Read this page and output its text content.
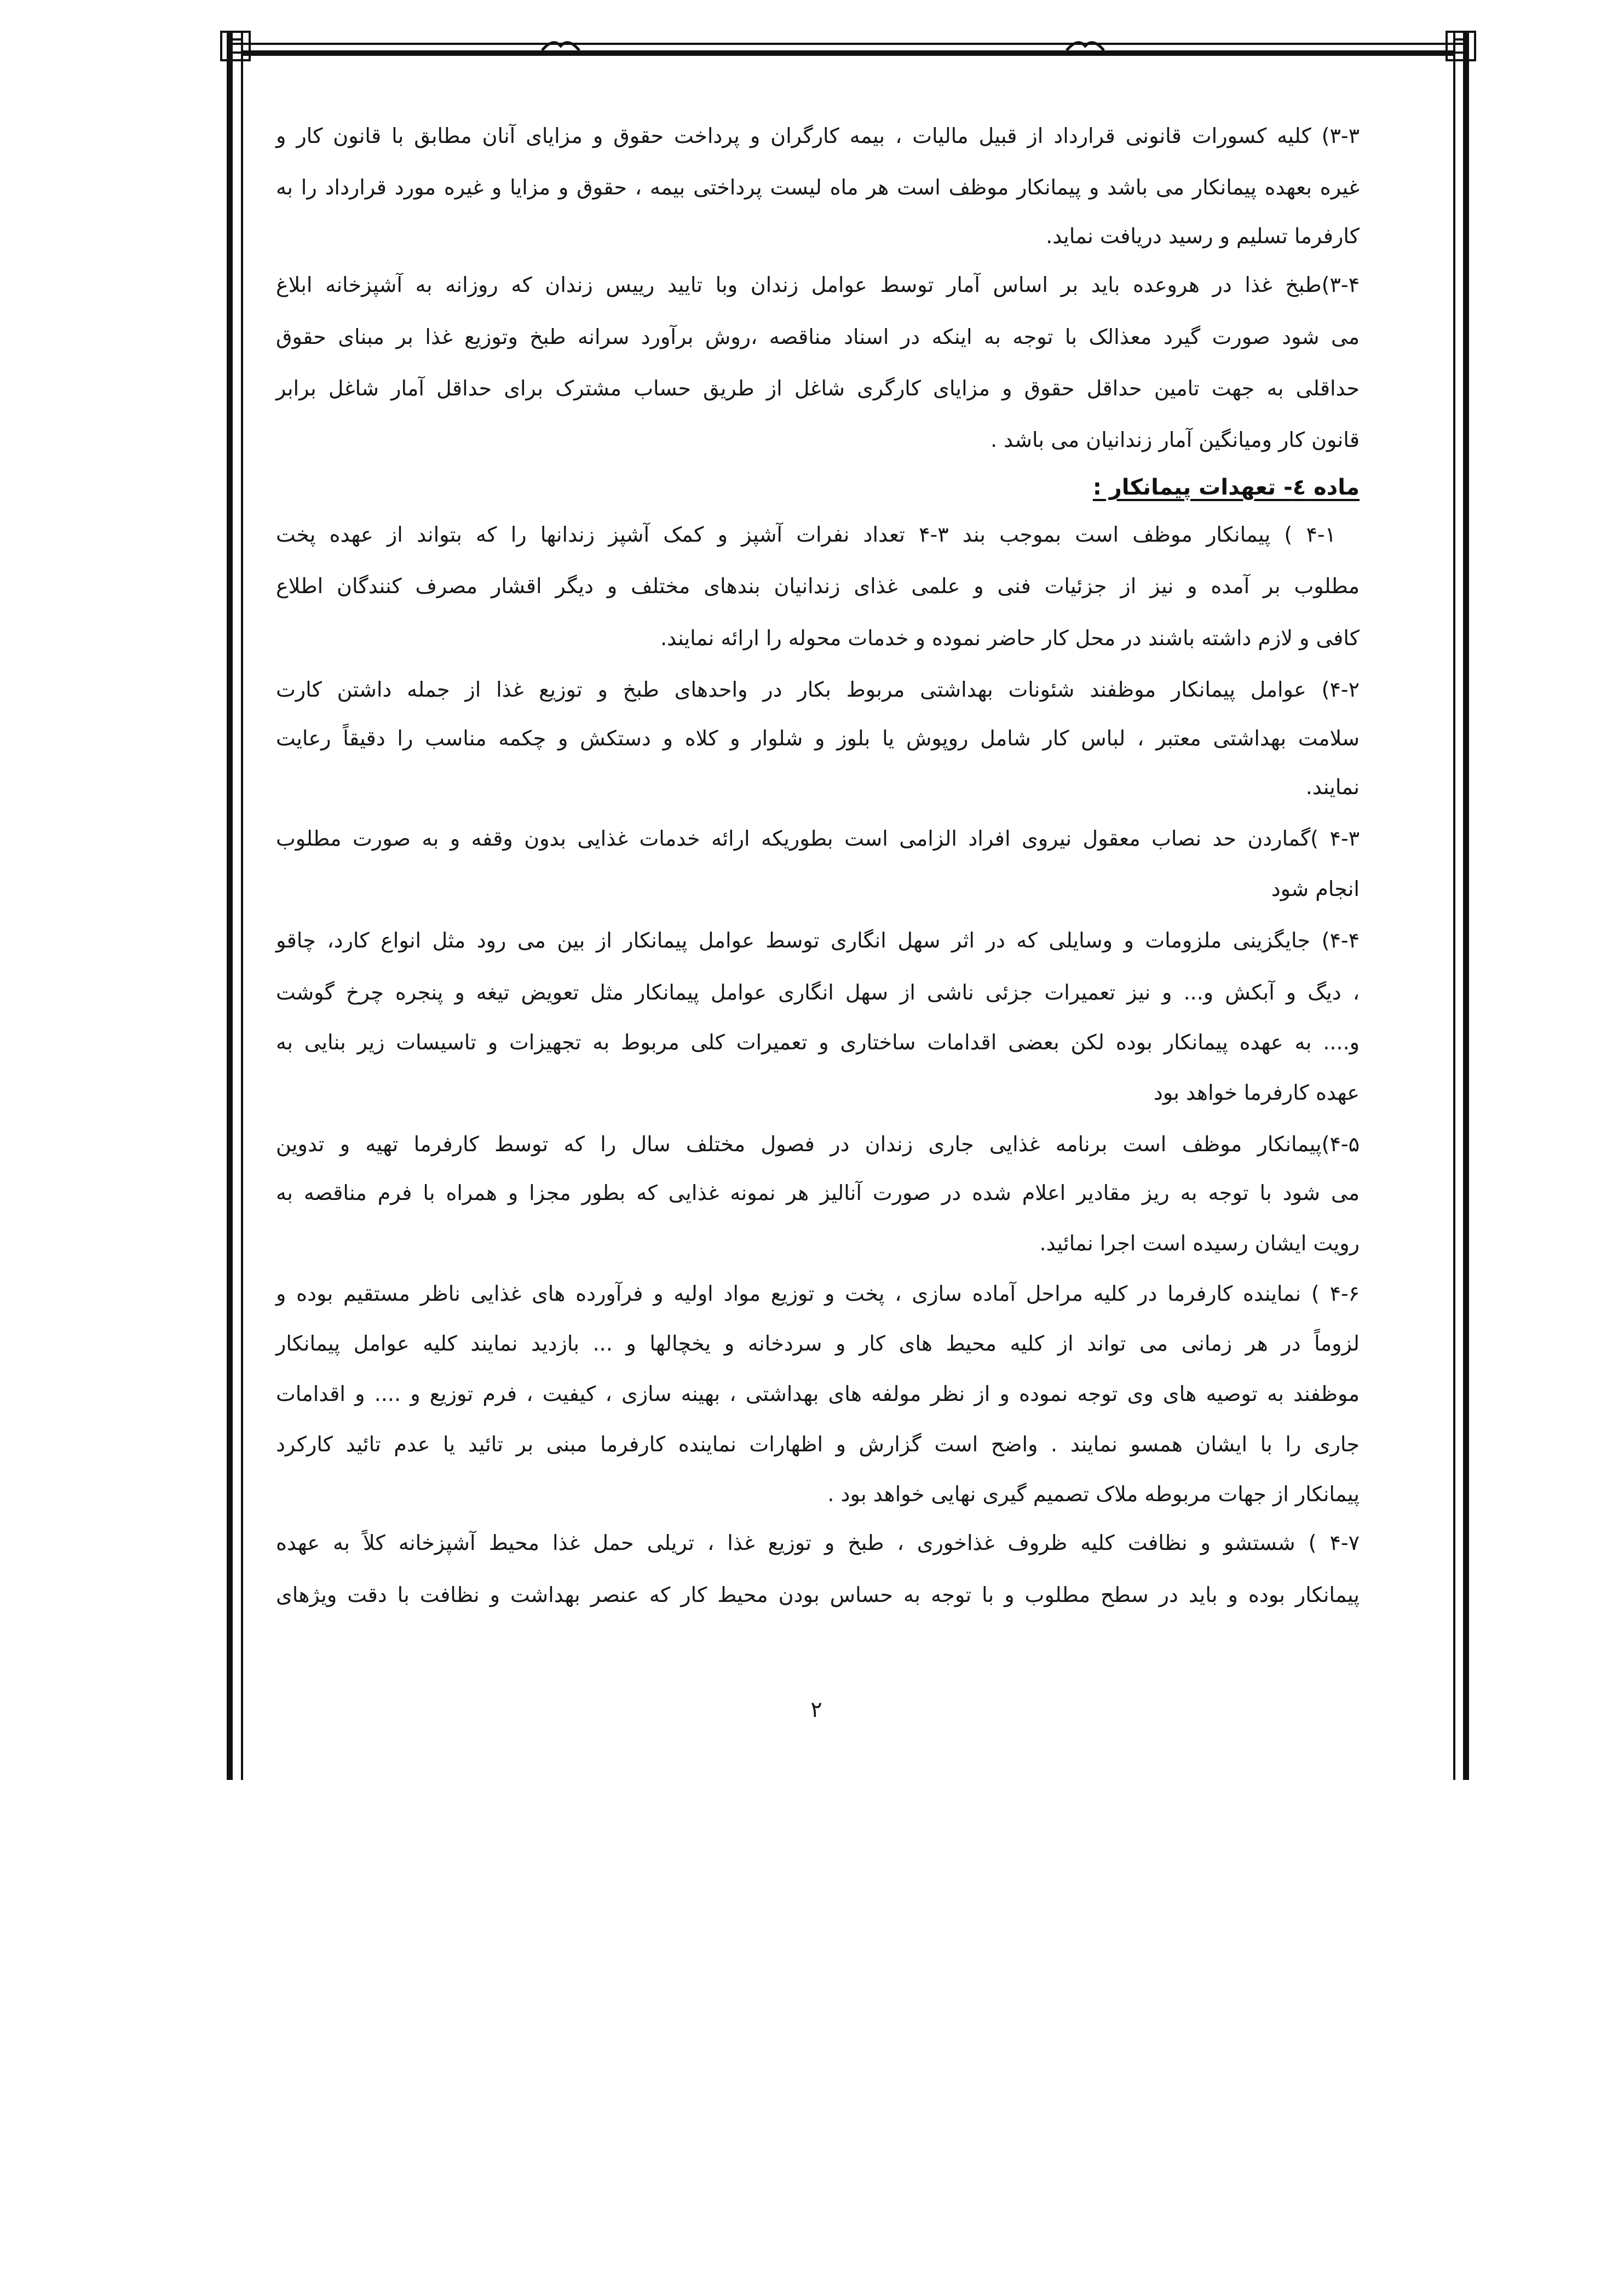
۳-۳) کلیه کسورات قانونی قرارداد از قبیل مالیات ، بیمه کارگران و پرداخت حقوق و مزایای آنان مطابق با قانون کار و
غیره بعهده پیمانکار می باشد و پیمانکار موظف است هر ماه لیست پرداختی بیمه ، حقوق و مزایا و غیره مورد قرارداد را به
کارفرما تسلیم و رسید دریافت نماید.
۳-۴)طبخ غذا در هروعده باید بر اساس آمار توسط عوامل زندان وبا تایید رییس زندان که روزانه به آشپزخانه ابلاغ
می شود صورت گیرد معذالک با توجه به اینکه در اسناد مناقصه ،روش برآورد سرانه طبخ وتوزیع غذا بر مبنای حقوق
حداقلی به جهت تامین حداقل حقوق و مزایای کارگری شاغل از طریق حساب مشترک برای حداقل آمار شاغل برابر
قانون کار ومیانگین آمار زندانیان می باشد .
ماده ٤- تعهدات پیمانکار :
۴-۱ ) پیمانکار موظف است بموجب بند ۳-۴ تعداد نفرات آشپز و کمک آشپز زندانها را که بتواند از عهده پخت
مطلوب بر آمده و نیز از جزئیات فنی و علمی غذای زندانیان بندهای مختلف و دیگر اقشار مصرف کنندگان اطلاع
کافی و لازم داشته باشند در محل کار حاضر نموده و خدمات محوله را ارائه نمایند.
۴-۲) عوامل پیمانکار موظفند شئونات بهداشتی مربوط بکار در واحدهای طبخ و توزیع غذا از جمله داشتن کارت
سلامت بهداشتی معتبر ، لباس کار شامل روپوش یا بلوز و شلوار و کلاه و دستکش و چکمه مناسب را دقیقاً رعایت
نمایند.
۴-۳ )گماردن حد نصاب معقول نیروی افراد الزامی است بطوریکه ارائه خدمات غذایی بدون وقفه و به صورت مطلوب
انجام شود
۴-۴) جایگزینی ملزومات و وسایلی که در اثر سهل انگاری توسط عوامل پیمانکار از بین می رود مثل انواع کارد، چاقو
، دیگ و آبکش و... و نیز تعمیرات جزئی ناشی از سهل انگاری عوامل پیمانکار مثل تعویض تیغه و پنجره چرخ گوشت
و.... به عهده پیمانکار بوده لکن بعضی اقدامات ساختاری و تعمیرات کلی مربوط به تجهیزات و تاسیسات زیر بنایی به
عهده کارفرما خواهد بود
۴-۵)پیمانکار موظف است برنامه غذایی جاری زندان در فصول مختلف سال را که توسط کارفرما تهیه و تدوین
می شود با توجه به ریز مقادیر اعلام شده در صورت آنالیز هر نمونه غذایی که بطور مجزا و همراه با فرم مناقصه به
رویت ایشان رسیده است اجرا نمائید.
۴-۶ ) نماینده کارفرما در کلیه مراحل آماده سازی ، پخت و توزیع مواد اولیه و فرآورده های غذایی ناظر مستقیم بوده و
لزوماً در هر زمانی می تواند از کلیه محیط های کار و سردخانه و یخچالها و ... بازدید نمایند کلیه عوامل پیمانکار
موظفند به توصیه های وی توجه نموده و از نظر مولفه های بهداشتی ، بهینه سازی ، کیفیت ، فرم توزیع و .... و اقدامات
جاری را با ایشان همسو نمایند . واضح است گزارش و اظهارات نماینده کارفرما مبنی بر تائید یا عدم تائید کارکرد
پیمانکار از جهات مربوطه ملاک تصمیم گیری نهایی خواهد بود .
۴-۷ ) شستشو و نظافت کلیه ظروف غذاخوری ، طبخ و توزیع غذا ، تریلی حمل غذا محیط آشپزخانه کلاً به عهده
پیمانکار بوده و باید در سطح مطلوب و با توجه به حساس بودن محیط کار که عنصر بهداشت و نظافت با دقت ویژهای
۲
